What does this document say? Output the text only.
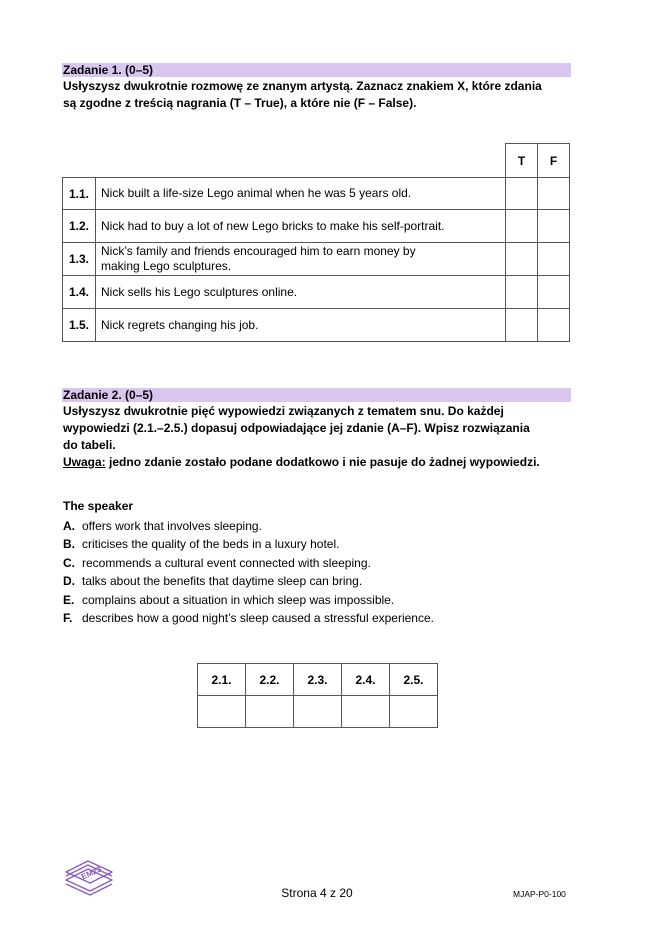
Zadanie 1. (0–5)
Usłyszysz dwukrotnie rozmowę ze znanym artystą. Zaznacz znakiem X, które zdania
są zgodne z treścią nagrania (T – True), a które nie (F – False).
		T	F
1.1.	Nick built a life-size Lego animal when he was 5 years old.		
1.2.	Nick had to buy a lot of new Lego bricks to make his self-portrait.		
1.3.	Nick’s family and friends encouraged him to earn money by making Lego sculptures.		
1.4.	Nick sells his Lego sculptures online.		
1.5.	Nick regrets changing his job.		
Zadanie 2. (0–5)
Usłyszysz dwukrotnie pięć wypowiedzi związanych z tematem snu. Do każdej
wypowiedzi (2.1.–2.5.) dopasuj odpowiadające jej zdanie (A–F). Wpisz rozwiązania
do tabeli.
Uwaga: jedno zdanie zostało podane dodatkowo i nie pasuje do żadnej wypowiedzi.
The speaker
A. offers work that involves sleeping.
B. criticises the quality of the beds in a luxury hotel.
C. recommends a cultural event connected with sleeping.
D. talks about the benefits that daytime sleep can bring.
E. complains about a situation in which sleep was impossible.
F. describes how a good night’s sleep caused a stressful experience.
2.1.	2.2.	2.3.	2.4.	2.5.

EM23
Strona 4 z 20	MJAP-P0-100
